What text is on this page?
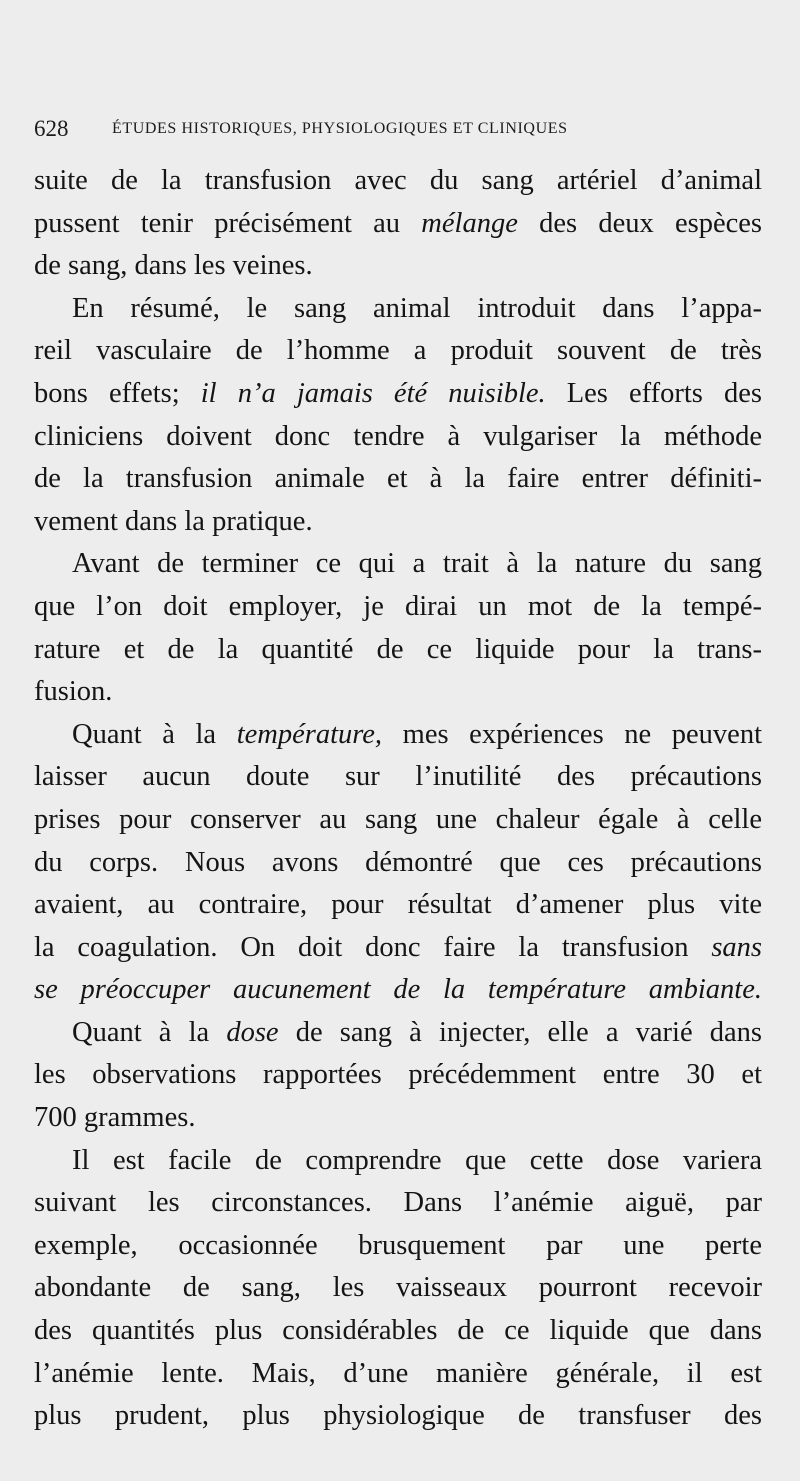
628	ÉTUDES HISTORIQUES, PHYSIOLOGIQUES ET CLINIQUES

suite de la transfusion avec du sang artériel d’animal
pussent tenir précisément au mélange des deux espèces
de sang, dans les veines.

En résumé, le sang animal introduit dans l’appa-
reil vasculaire de l’homme a produit souvent de très
bons effets; il n’a jamais été nuisible. Les efforts des
cliniciens doivent donc tendre à vulgariser la méthode
de la transfusion animale et à la faire entrer définiti-
vement dans la pratique.

Avant de terminer ce qui a trait à la nature du sang
que l’on doit employer, je dirai un mot de la tempé-
rature et de la quantité de ce liquide pour la trans-
fusion.

Quant à la température, mes expériences ne peuvent
laisser aucun doute sur l’inutilité des précautions
prises pour conserver au sang une chaleur égale à celle
du corps. Nous avons démontré que ces précautions
avaient, au contraire, pour résultat d’amener plus vite
la coagulation. On doit donc faire la transfusion sans
se préoccuper aucunement de la température ambiante.

Quant à la dose de sang à injecter, elle a varié dans
les observations rapportées précédemment entre 30 et
700 grammes.

Il est facile de comprendre que cette dose variera
suivant les circonstances. Dans l’anémie aiguë, par
exemple, occasionnée brusquement par une perte
abondante de sang, les vaisseaux pourront recevoir
des quantités plus considérables de ce liquide que dans
l’anémie lente. Mais, d’une manière générale, il est
plus prudent, plus physiologique de transfuser des
